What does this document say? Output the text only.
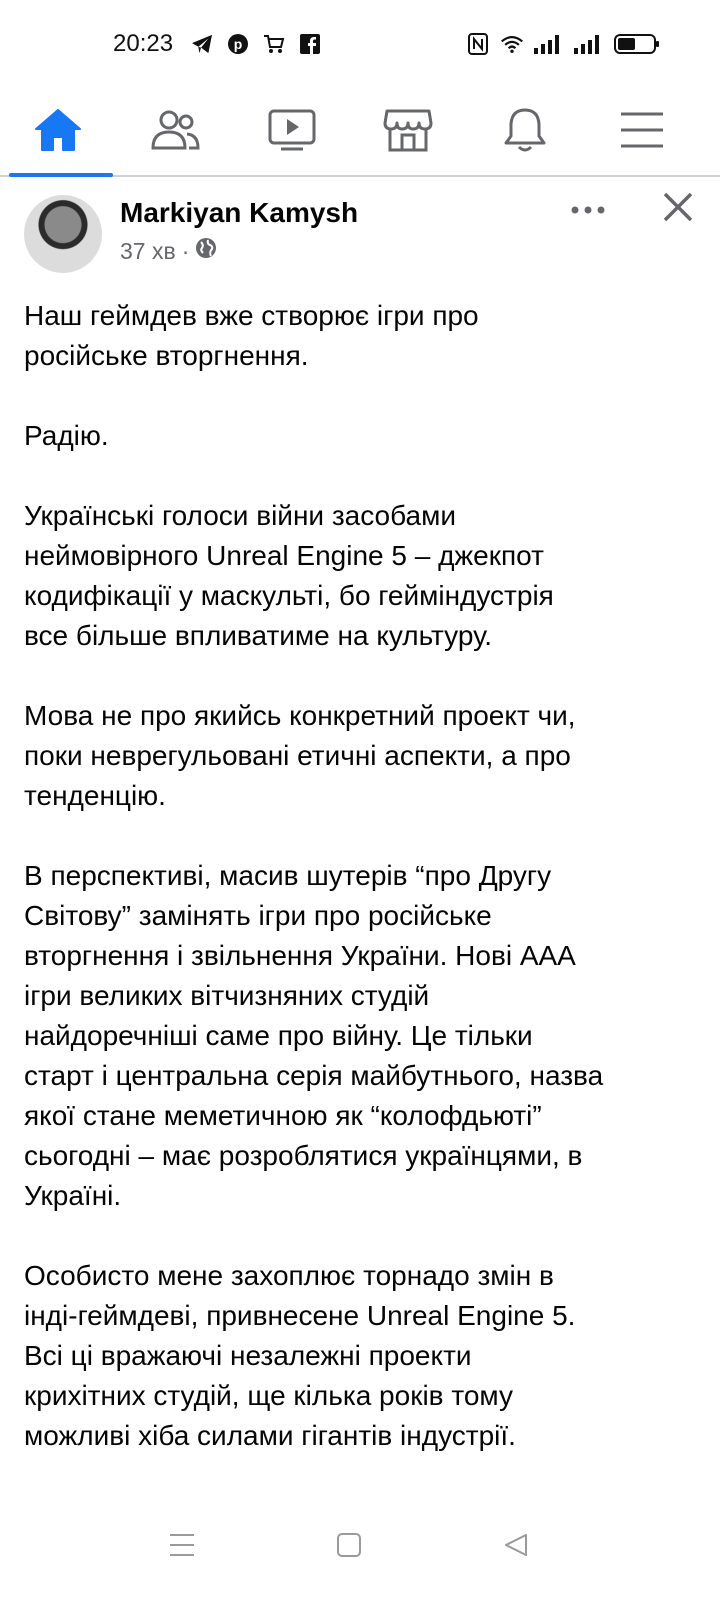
20:23	p
Markiyan Kamysh
37 хв ·

Наш геймдев вже створює ігри про
російське вторгнення.

Радію.

Українські голоси війни засобами
неймовірного Unreal Engine 5 – джекпот
кодифікації у маскульті, бо геймiндустрія
все більше впливатиме на культуру.

Мова не про якийсь конкретний проект чи,
поки неврегульовані етичні аспекти, а про
тенденцію.

В перспективі, масив шутерів “про Другу
Світову” замінять ігри про російське
вторгнення і звільнення України. Нові ААА
ігри великих вітчизняних студій
найдоречніші саме про війну. Це тільки
старт і центральна серія майбутнього, назва
якої стане меметичною як “колофдьюті”
сьогодні – має розроблятися українцями, в
Україні.

Особисто мене захоплює торнадо змін в
інді-геймдеві, привнесене Unreal Engine 5.
Всі ці вражаючі незалежні проекти
крихітних студій, ще кілька років тому
можливі хіба силами гігантів індустрії.
